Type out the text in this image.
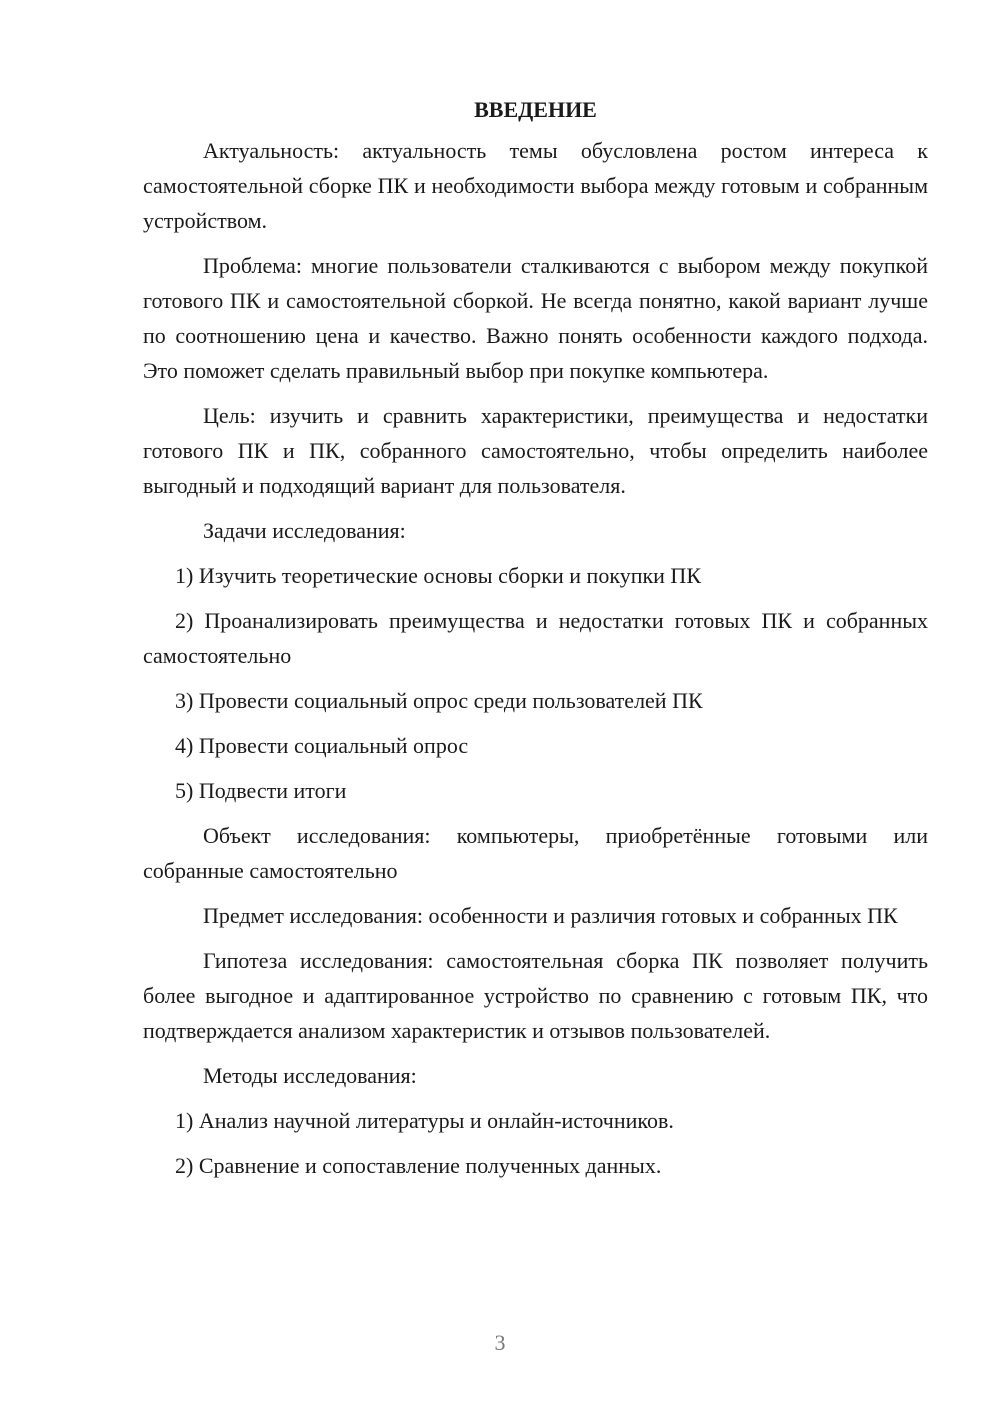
ВВЕДЕНИЕ

Актуальность: актуальность темы обусловлена ростом интереса к самостоятельной сборке ПК и необходимости выбора между готовым и собранным устройством.

Проблема: многие пользователи сталкиваются с выбором между покупкой готового ПК и самостоятельной сборкой. Не всегда понятно, какой вариант лучше по соотношению цена и качество. Важно понять особенности каждого подхода. Это поможет сделать правильный выбор при покупке компьютера.

Цель: изучить и сравнить характеристики, преимущества и недостатки готового ПК и ПК, собранного самостоятельно, чтобы определить наиболее выгодный и подходящий вариант для пользователя.

Задачи исследования:

1) Изучить теоретические основы сборки и покупки ПК

2) Проанализировать преимущества и недостатки готовых ПК и собранных самостоятельно

3) Провести социальный опрос среди пользователей ПК

4) Провести социальный опрос

5) Подвести итоги

Объект исследования: компьютеры, приобретённые готовыми или собранные самостоятельно

Предмет исследования: особенности и различия готовых и собранных ПК

Гипотеза исследования: самостоятельная сборка ПК позволяет получить более выгодное и адаптированное устройство по сравнению с готовым ПК, что подтверждается анализом характеристик и отзывов пользователей.

Методы исследования:

1) Анализ научной литературы и онлайн-источников.

2) Сравнение и сопоставление полученных данных.

3
